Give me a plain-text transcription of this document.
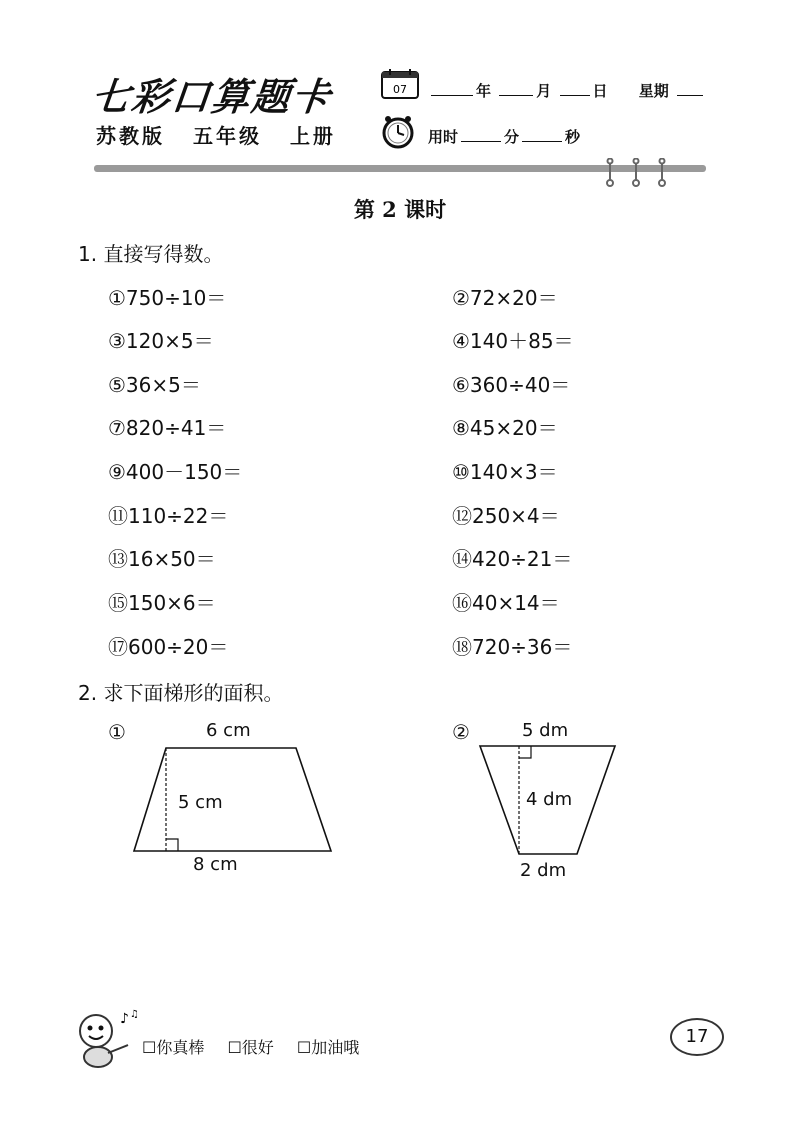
七彩口算题卡
苏教版 五年级 上册
07	年	月	日 星期
用时	分	秒
第 2 课时
1. 直接写得数。
①750÷10＝	②72×20＝
③120×5＝	④140＋85＝
⑤36×5＝	⑥360÷40＝
⑦820÷41＝	⑧45×20＝
⑨400－150＝	⑩140×3＝
⑪110÷22＝	⑫250×4＝
⑬16×50＝	⑭420÷21＝
⑮150×6＝	⑯40×14＝
⑰600÷20＝	⑱720÷36＝
2. 求下面梯形的面积。
①	6 cm
5 cm
8 cm
②	5 dm
4 dm
2 dm
♪ ♫
☐你真棒 ☐很好 ☐加油哦
17
